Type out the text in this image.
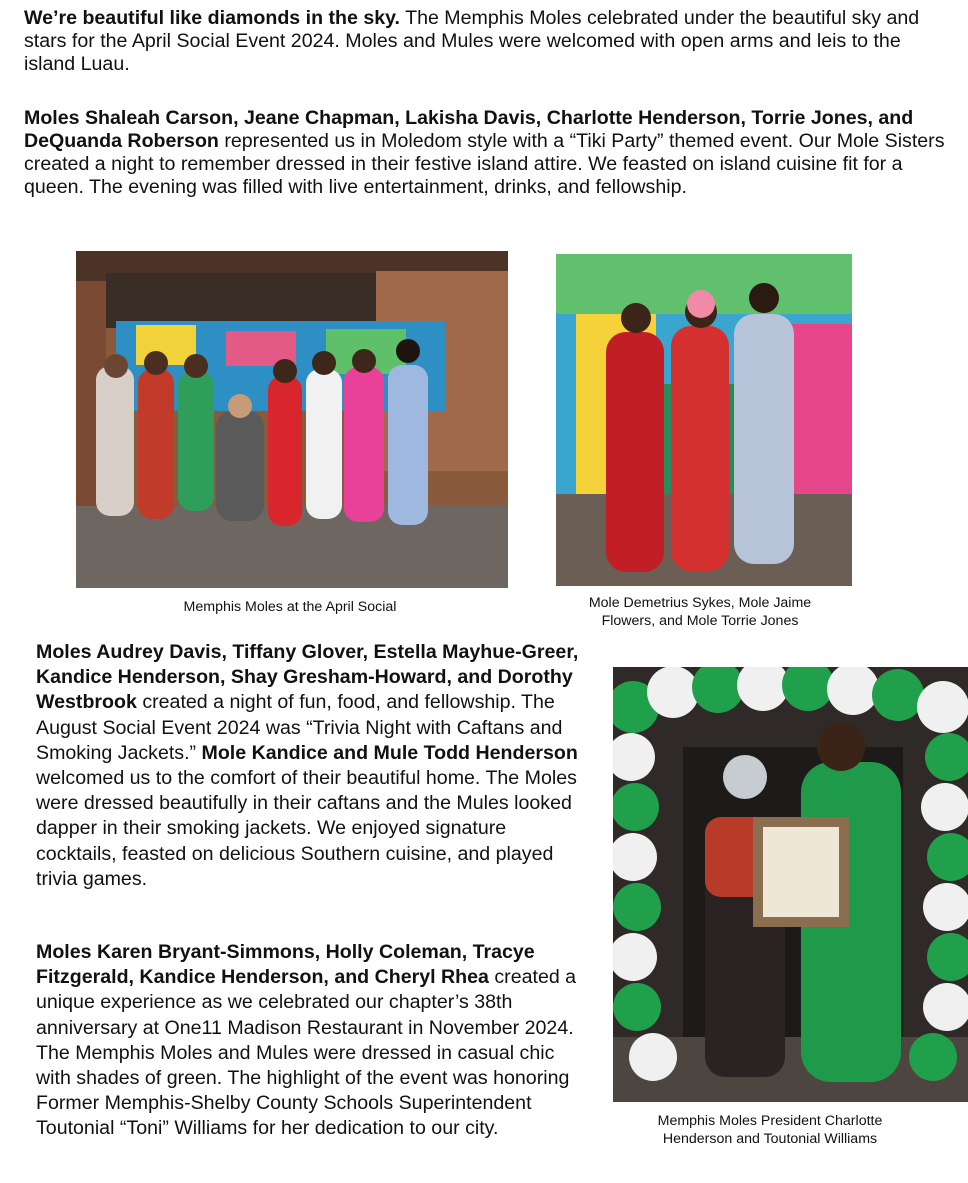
We’re beautiful like diamonds in the sky. The Memphis Moles celebrated under the beautiful sky and stars for the April Social Event 2024. Moles and Mules were welcomed with open arms and leis to the island Luau.

Moles Shaleah Carson, Jeane Chapman, Lakisha Davis, Charlotte Henderson, Torrie Jones, and DeQuanda Roberson represented us in Moledom style with a “Tiki Party” themed event. Our Mole Sisters created a night to remember dressed in their festive island attire. We feasted on island cuisine fit for a queen. The evening was filled with live entertainment, drinks, and fellowship.

Memphis Moles at the April Social	Mole Demetrius Sykes, Mole Jaime
Flowers, and Mole Torrie Jones

Moles Audrey Davis, Tiffany Glover, Estella Mayhue-Greer, Kandice Henderson, Shay Gresham-Howard, and Dorothy Westbrook created a night of fun, food, and fellowship. The August Social Event 2024 was “Trivia Night with Caftans and Smoking Jackets.” Mole Kandice and Mule Todd Henderson welcomed us to the comfort of their beautiful home. The Moles were dressed beautifully in their caftans and the Mules looked dapper in their smoking jackets. We enjoyed signature cocktails, feasted on delicious Southern cuisine, and played trivia games.

Moles Karen Bryant-Simmons, Holly Coleman, Tracye Fitzgerald, Kandice Henderson, and Cheryl Rhea created a unique experience as we celebrated our chapter’s 38th anniversary at One11 Madison Restaurant in November 2024. The Memphis Moles and Mules were dressed in casual chic with shades of green. The highlight of the event was honoring Former Memphis-Shelby County Schools Superintendent Toutonial “Toni” Williams for her dedication to our city.	Memphis Moles President Charlotte
Henderson and Toutonial Williams
